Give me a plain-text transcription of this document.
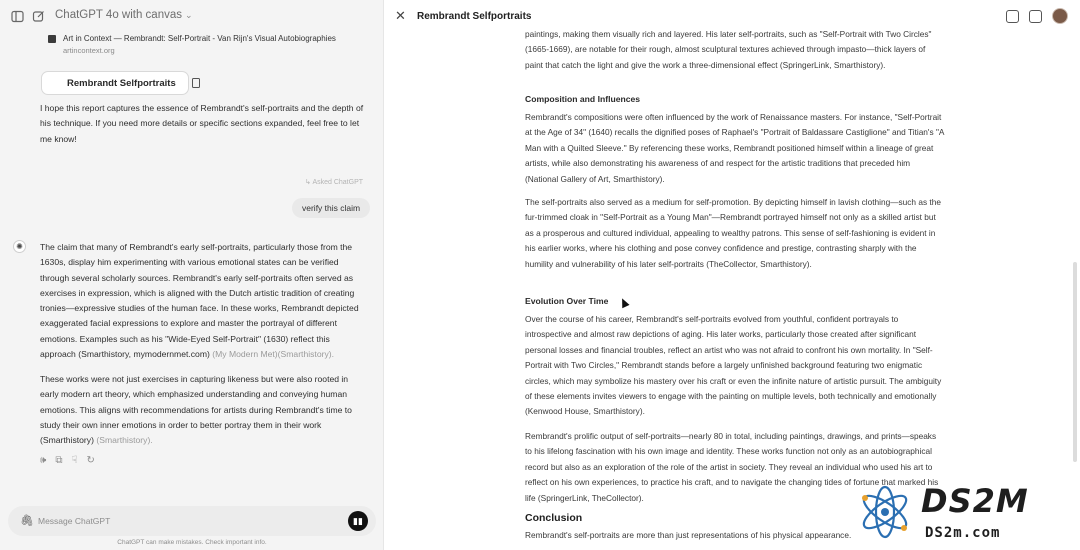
ChatGPT 4o with canvas ⌄
Art in Context — Rembrandt: Self-Portrait - Van Rijn's Visual Autobiographies
artincontext.org
Rembrandt Selfportraits
I hope this report captures the essence of Rembrandt's self-portraits and the depth of his technique. If you need more details or specific sections expanded, feel free to let me know!
↳ Asked ChatGPT
verify this claim
✺	The claim that many of Rembrandt's early self-portraits, particularly those from the 1630s, display him experimenting with various emotional states can be verified through several scholarly sources. Rembrandt's early self-portraits often served as exercises in expression, which is aligned with the Dutch artistic tradition of creating tronies—expressive studies of the human face. In these works, Rembrandt depicted exaggerated facial expressions to explore and master the portrayal of different emotions. Examples such as his "Wide-Eyed Self-Portrait" (1630) reflect this approach (Smarthistory, mymodernmet.com) (My Modern Met)(Smarthistory).
These works were not just exercises in capturing likeness but were also rooted in early modern art theory, which emphasized understanding and conveying human emotions. This aligns with recommendations for artists during Rembrandt's time to study their own inner emotions in order to better portray them in their work (Smarthistory) (Smarthistory).
🕪 ⧉ ☟ ↻
🖇 Message ChatGPT	▮▮
ChatGPT can make mistakes. Check important info.
✕ Rembrandt Selfportraits
paintings, making them visually rich and layered. His later self-portraits, such as "Self-Portrait with Two Circles" (1665-1669), are notable for their rough, almost sculptural textures achieved through impasto—thick layers of paint that catch the light and give the work a three-dimensional effect (SpringerLink, Smarthistory).
Composition and Influences
Rembrandt's compositions were often influenced by the work of Renaissance masters. For instance, "Self-Portrait at the Age of 34" (1640) recalls the dignified poses of Raphael's "Portrait of Baldassare Castiglione" and Titian's "A Man with a Quilted Sleeve." By referencing these works, Rembrandt positioned himself within a lineage of great artists, while also demonstrating his awareness of and respect for the artistic traditions that preceded him (National Gallery of Art, Smarthistory).
The self-portraits also served as a medium for self-promotion. By depicting himself in lavish clothing—such as the fur-trimmed cloak in "Self-Portrait as a Young Man"—Rembrandt portrayed himself not only as a skilled artist but as a prosperous and cultured individual, appealing to wealthy patrons. This sense of self-fashioning is evident in his earlier works, where his clothing and pose convey confidence and prestige, contrasting sharply with the humility and vulnerability of his later self-portraits (TheCollector, Smarthistory).
Evolution Over Time
Over the course of his career, Rembrandt's self-portraits evolved from youthful, confident portrayals to introspective and almost raw depictions of aging. His later works, particularly those created after significant personal losses and financial troubles, reflect an artist who was not afraid to confront his own mortality. In "Self-Portrait with Two Circles," Rembrandt stands before a largely unfinished background featuring two enigmatic circles, which may symbolize his mastery over his craft or even the infinite nature of artistic pursuit. The ambiguity of these elements invites viewers to engage with the painting on multiple levels, both technically and emotionally (Kenwood House, Smarthistory).
Rembrandt's prolific output of self-portraits—nearly 80 in total, including paintings, drawings, and prints—speaks to his lifelong fascination with his own image and identity. These works function not only as an autobiographical record but also as an exploration of the role of the artist in society. They reveal an individual who used his art to reflect on his own experiences, to practice his craft, and to navigate the changing tides of fortune that marked his life (SpringerLink, TheCollector).
Conclusion
Rembrandt's self-portraits are more than just representations of his physical appearance.
DS2M
DS2m.com
